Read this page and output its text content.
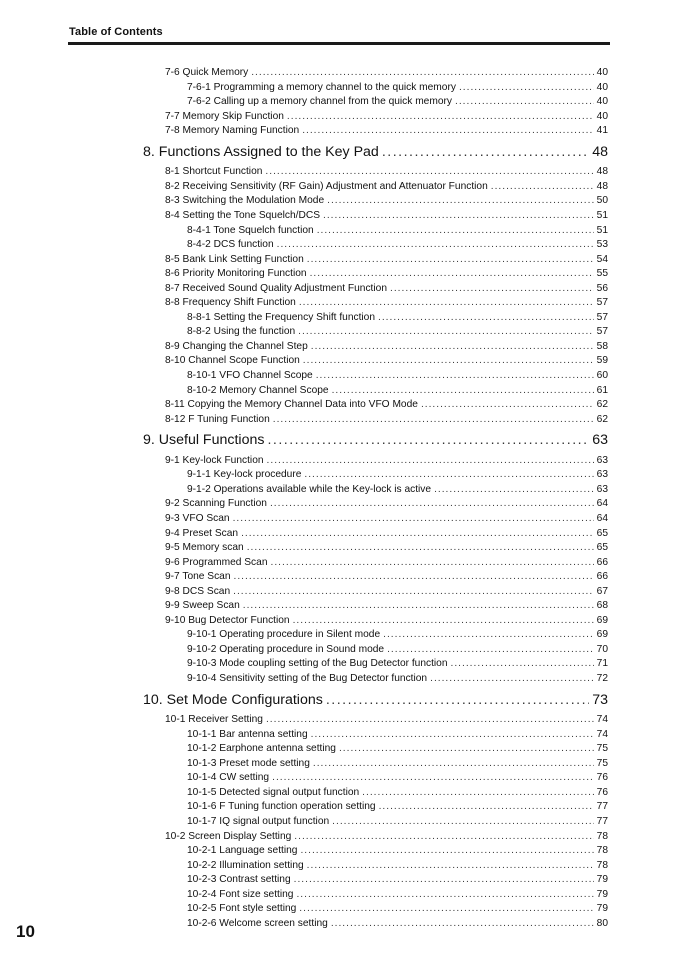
Table of Contents
7-6 Quick Memory .....	40
7-6-1 Programming a memory channel to the quick memory .....	40
7-6-2 Calling up a memory channel from the quick memory .....	40
7-7 Memory Skip Function .....	40
7-8 Memory Naming Function .....	41
8. Functions Assigned to the Key Pad .....	48
8-1 Shortcut Function .....	48
8-2 Receiving Sensitivity (RF Gain) Adjustment and Attenuator Function .....	48
8-3 Switching the Modulation Mode .....	50
8-4 Setting the Tone Squelch/DCS .....	51
8-4-1 Tone Squelch function .....	51
8-4-2 DCS function .....	53
8-5 Bank Link Setting Function .....	54
8-6 Priority Monitoring Function .....	55
8-7 Received Sound Quality Adjustment Function .....	56
8-8 Frequency Shift Function .....	57
8-8-1 Setting the Frequency Shift function .....	57
8-8-2 Using the function .....	57
8-9 Changing the Channel Step .....	58
8-10 Channel Scope Function .....	59
8-10-1 VFO Channel Scope .....	60
8-10-2 Memory Channel Scope .....	61
8-11 Copying the Memory Channel Data into VFO Mode .....	62
8-12 F Tuning Function .....	62
9. Useful Functions .....	63
9-1 Key-lock Function .....	63
9-1-1 Key-lock procedure .....	63
9-1-2 Operations available while the Key-lock is active .....	63
9-2 Scanning Function .....	64
9-3 VFO Scan .....	64
9-4 Preset Scan .....	65
9-5 Memory scan .....	65
9-6 Programmed Scan .....	66
9-7 Tone Scan .....	66
9-8 DCS Scan .....	67
9-9 Sweep Scan .....	68
9-10 Bug Detector Function .....	69
9-10-1 Operating procedure in Silent mode .....	69
9-10-2 Operating procedure in Sound mode .....	70
9-10-3 Mode coupling setting of the Bug Detector function .....	71
9-10-4 Sensitivity setting of the Bug Detector function .....	72
10. Set Mode Configurations .....	73
10-1 Receiver Setting .....	74
10-1-1 Bar antenna setting .....	74
10-1-2 Earphone antenna setting .....	75
10-1-3 Preset mode setting .....	75
10-1-4 CW setting .....	76
10-1-5 Detected signal output function .....	76
10-1-6 F Tuning function operation setting .....	77
10-1-7 IQ signal output function .....	77
10-2 Screen Display Setting .....	78
10-2-1 Language setting .....	78
10-2-2 Illumination setting .....	78
10-2-3 Contrast setting .....	79
10-2-4 Font size setting .....	79
10-2-5 Font style setting .....	79
10-2-6 Welcome screen setting .....	80
10
